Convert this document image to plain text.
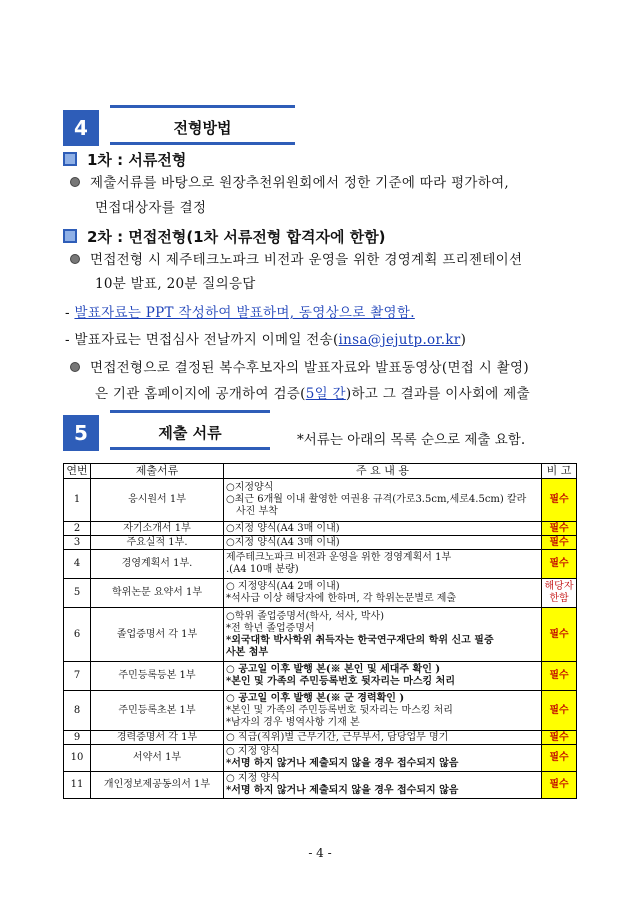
4	전형방법
1차 : 서류전형
제출서류를 바탕으로 원장추천위원회에서 정한 기준에 따라 평가하여,
면접대상자를 결정
2차 : 면접전형(1차 서류전형 합격자에 한함)
면접전형 시 제주테크노파크 비전과 운영을 위한 경영계획 프리젠테이션
10분 발표, 20분 질의응답
- 발표자료는 PPT 작성하여 발표하며, 동영상으로 촬영함.
- 발표자료는 면접심사 전날까지 이메일 전송(insa@jejutp.or.kr)
면접전형으로 결정된 복수후보자의 발표자료와 발표동영상(면접 시 촬영)
은 기관 홈페이지에 공개하여 검증(5일 간)하고 그 결과를 이사회에 제출
5	제출 서류	*서류는 아래의 목록 순으로 제출 요함.
연번	제출서류	주 요 내 용	비 고
1	응시원서 1부	○지정양식
○최근 6개월 이내 촬영한 여권용 규격(가로3.5cm,세로4.5cm) 칼라
사진 부착	필수
2	자기소개서 1부	○지정 양식(A4 3매 이내)	필수
3	주요실적 1부.	○지정 양식(A4 3매 이내)	필수
4	경영계획서 1부.	제주테크노파크 비전과 운영을 위한 경영계획서 1부
.(A4 10매 분량)	필수
5	학위논문 요약서 1부	○ 지정양식(A4 2매 이내)
*석사급 이상 해당자에 한하며, 각 학위논문별로 제출	해당자 한함
6	졸업증명서 각 1부	○학위 졸업증명서(학사, 석사, 박사)
*전 학년 졸업증명서
*외국대학 박사학위 취득자는 한국연구재단의 학위 신고 필증
사본 첨부	필수
7	주민등록등본 1부	○ 공고일 이후 발행 본(※ 본인 및 세대주 확인 )
*본인 및 가족의 주민등록번호 뒷자리는 마스킹 처리	필수
8	주민등록초본 1부	○ 공고일 이후 발행 본(※ 군 경력확인 )
*본인 및 가족의 주민등록번호 뒷자리는 마스킹 처리
*남자의 경우 병역사항 기재 본	필수
9	경력증명서 각 1부	○ 직급(직위)별 근무기간, 근무부서, 담당업무 명기	필수
10	서약서 1부	○ 지정 양식
*서명 하지 않거나 제출되지 않을 경우 접수되지 않음	필수
11	개인정보제공동의서 1부	○ 지정 양식
*서명 하지 않거나 제출되지 않을 경우 접수되지 않음	필수
- 4 -
